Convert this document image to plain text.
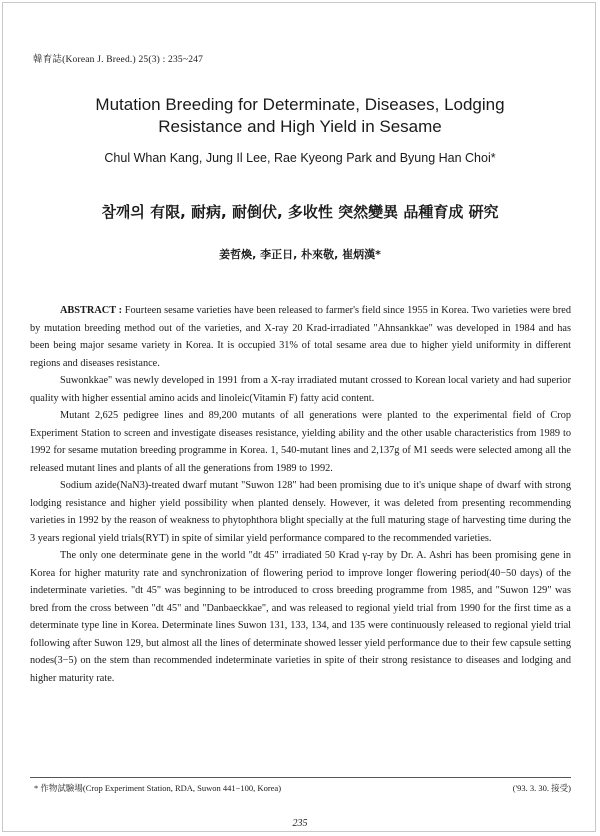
韓育誌(Korean J. Breed.) 25(3) : 235~247
Mutation Breeding for Determinate, Diseases, Lodging
Resistance and High Yield in Sesame
Chul Whan Kang, Jung Il Lee, Rae Kyeong Park and Byung Han Choi*
참깨의 有限, 耐病, 耐倒伏, 多收性 突然變異 品種育成 硏究
姜哲煥, 李正日, 朴來敬, 崔炳漢*

ABSTRACT : Fourteen sesame varieties have been released to farmer's field since 1955 in Korea. Two varieties were bred by mutation breeding method out of the varieties, and X-ray 20 Krad-irradiated "Ahnsankkae" was developed in 1984 and has been being major sesame variety in Korea. It is occupied 31% of total sesame area due to higher yield uniformity in different regions and diseases resistance.

Suwonkkae" was newly developed in 1991 from a X-ray irradiated mutant crossed to Korean local variety and had superior quality with higher essential amino acids and linoleic(Vitamin F) fatty acid content.

Mutant 2,625 pedigree lines and 89,200 mutants of all generations were planted to the experimental field of Crop Experiment Station to screen and investigate diseases resistance, yielding ability and the other usable characteristics from 1989 to 1992 for sesame mutation breeding programme in Korea. 1, 540-mutant lines and 2,137g of M1 seeds were selected among all the released mutant lines and plants of all the generations from 1989 to 1992.

Sodium azide(NaN3)-treated dwarf mutant "Suwon 128" had been promising due to it's unique shape of dwarf with strong lodging resistance and higher yield possibility when planted densely. However, it was deleted from presenting recommending varieties in 1992 by the reason of weakness to phytophthora blight specially at the full maturing stage of harvesting time during the 3 years regional yield trials(RYT) in spite of similar yield performance compared to the recommended varieties.

The only one determinate gene in the world "dt 45" irradiated 50 Krad γ-ray by Dr. A. Ashri has been promising gene in Korea for higher maturity rate and synchronization of flowering period to improve longer flowering period(40−50 days) of the indeterminate varieties. "dt 45" was beginning to be introduced to cross breeding programme from 1985, and "Suwon 129" was bred from the cross between "dt 45" and "Danbaeckkae", and was released to regional yield trial from 1990 for the first time as a determinate type line in Korea. Determinate lines Suwon 131, 133, 134, and 135 were continuously released to regional yield trial following after Suwon 129, but almost all the lines of determinate showed lesser yield performance due to their few capsule setting nodes(3−5) on the stem than recommended indeterminate varieties in spite of their strong resistance to diseases and lodging and higher maturity rate.

* 作物試驗場(Crop Experiment Station, RDA, Suwon 441−100, Korea)	('93. 3. 30. 接受)
235
